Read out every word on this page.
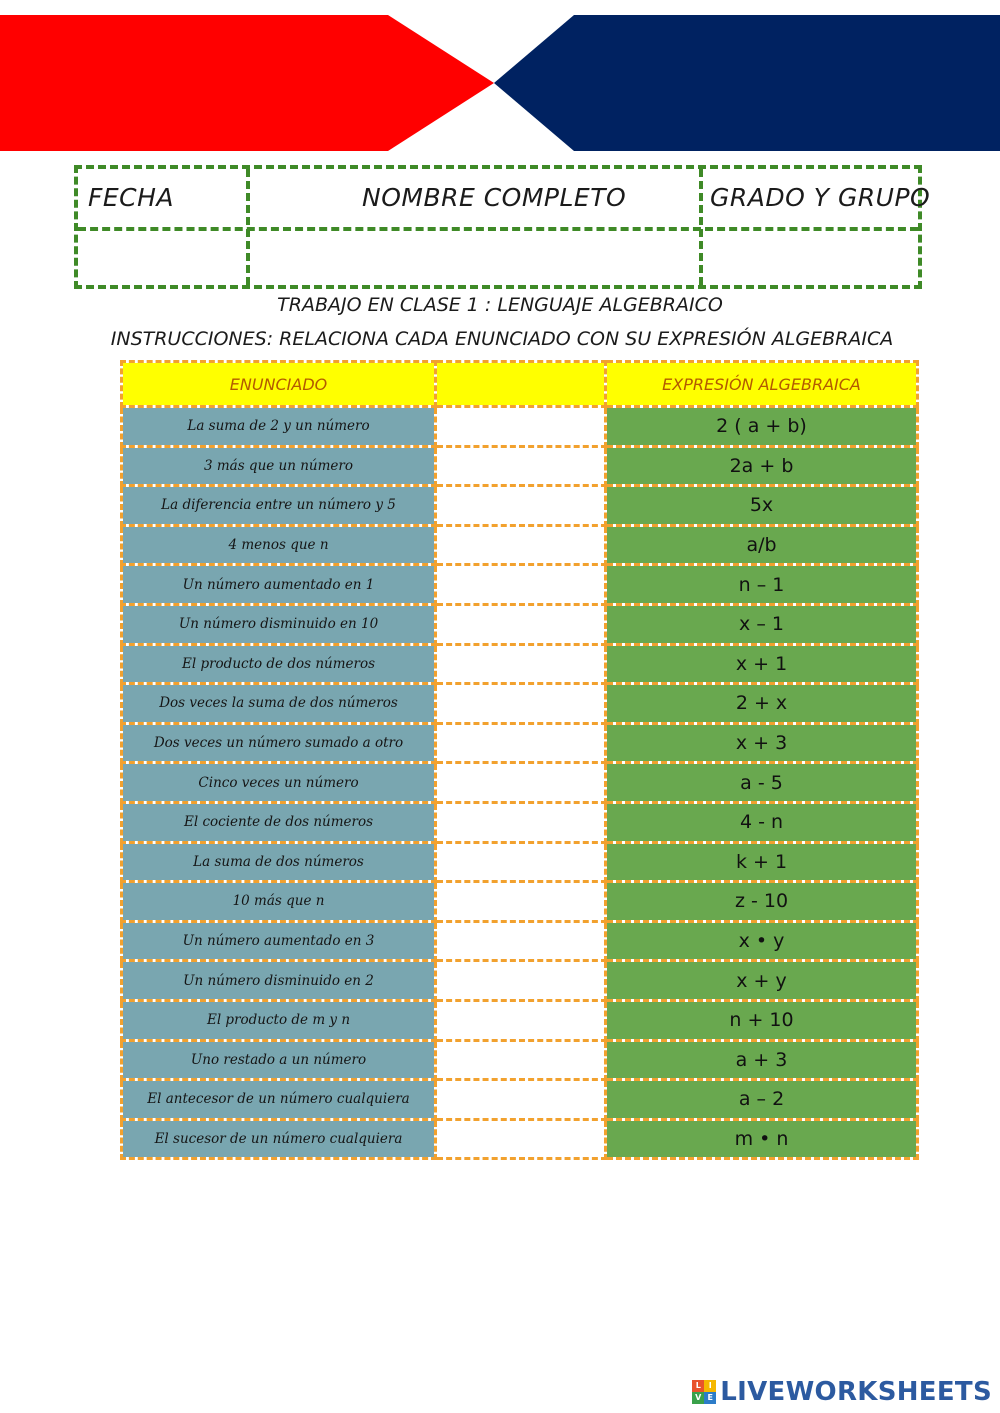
FECHA	NOMBRE COMPLETO	GRADO Y GRUPO
TRABAJO EN CLASE 1 : LENGUAJE ALGEBRAICO
INSTRUCCIONES: RELACIONA CADA ENUNCIADO CON SU EXPRESIÓN ALGEBRAICA
ENUNCIADO		EXPRESIÓN ALGEBRAICA
La suma de 2 y un número		2 ( a + b)
3 más que un número		2a + b
La diferencia entre un número y 5		5x
4 menos que n		a/b
Un número aumentado en 1		n – 1
Un número disminuido en 10		x – 1
El producto de dos números		x + 1
Dos veces la suma de dos números		2 + x
Dos veces un número sumado a otro		x + 3
Cinco veces un número		a - 5
El cociente de dos números		4 - n
La suma de dos números		k + 1
10 más que n		z - 10
Un número aumentado en 3		x • y
Un número disminuido en 2		x + y
El producto de m y n		n + 10
Uno restado a un número		a + 3
El antecesor de un número cualquiera		a – 2
El sucesor de un número cualquiera		m • n
L I
V E LIVEWORKSHEETS
